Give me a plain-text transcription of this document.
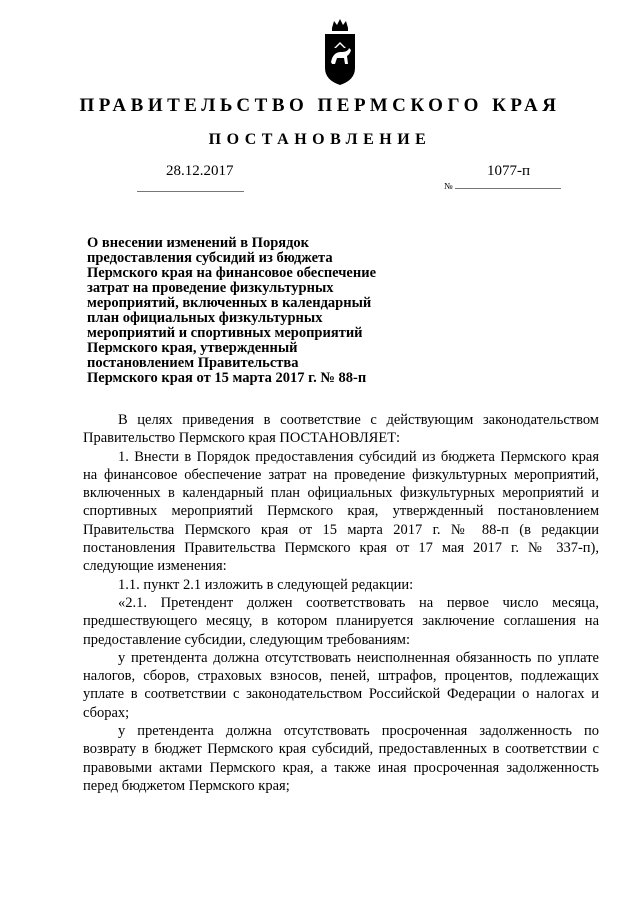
ПРАВИТЕЛЬСТВО ПЕРМСКОГО КРАЯ
ПОСТАНОВЛЕНИЕ
28.12.2017	1077-п
№
О внесении изменений в Порядок
предоставления субсидий из бюджета
Пермского края на финансовое обеспечение
затрат на проведение физкультурных
мероприятий, включенных в календарный
план официальных физкультурных
мероприятий и спортивных мероприятий
Пермского края, утвержденный
постановлением Правительства
Пермского края от 15 марта 2017 г. № 88-п

В целях приведения в соответствие с действующим законодательством Правительство Пермского края ПОСТАНОВЛЯЕТ:

1. Внести в Порядок предоставления субсидий из бюджета Пермского края на финансовое обеспечение затрат на проведение физкультурных мероприятий, включенных в календарный план официальных физкультурных мероприятий и спортивных мероприятий Пермского края, утвержденный постановлением Правительства Пермского края от 15 марта 2017 г. № 88-п (в редакции постановления Правительства Пермского края от 17 мая 2017 г. № 337-п), следующие изменения:

1.1. пункт 2.1 изложить в следующей редакции:

«2.1. Претендент должен соответствовать на первое число месяца, предшествующего месяцу, в котором планируется заключение соглашения на предоставление субсидии, следующим требованиям:

у претендента должна отсутствовать неисполненная обязанность по уплате налогов, сборов, страховых взносов, пеней, штрафов, процентов, подлежащих уплате в соответствии с законодательством Российской Федерации о налогах и сборах;

у претендента должна отсутствовать просроченная задолженность по возврату в бюджет Пермского края субсидий, предоставленных в соответствии с правовыми актами Пермского края, а также иная просроченная задолженность перед бюджетом Пермского края;
